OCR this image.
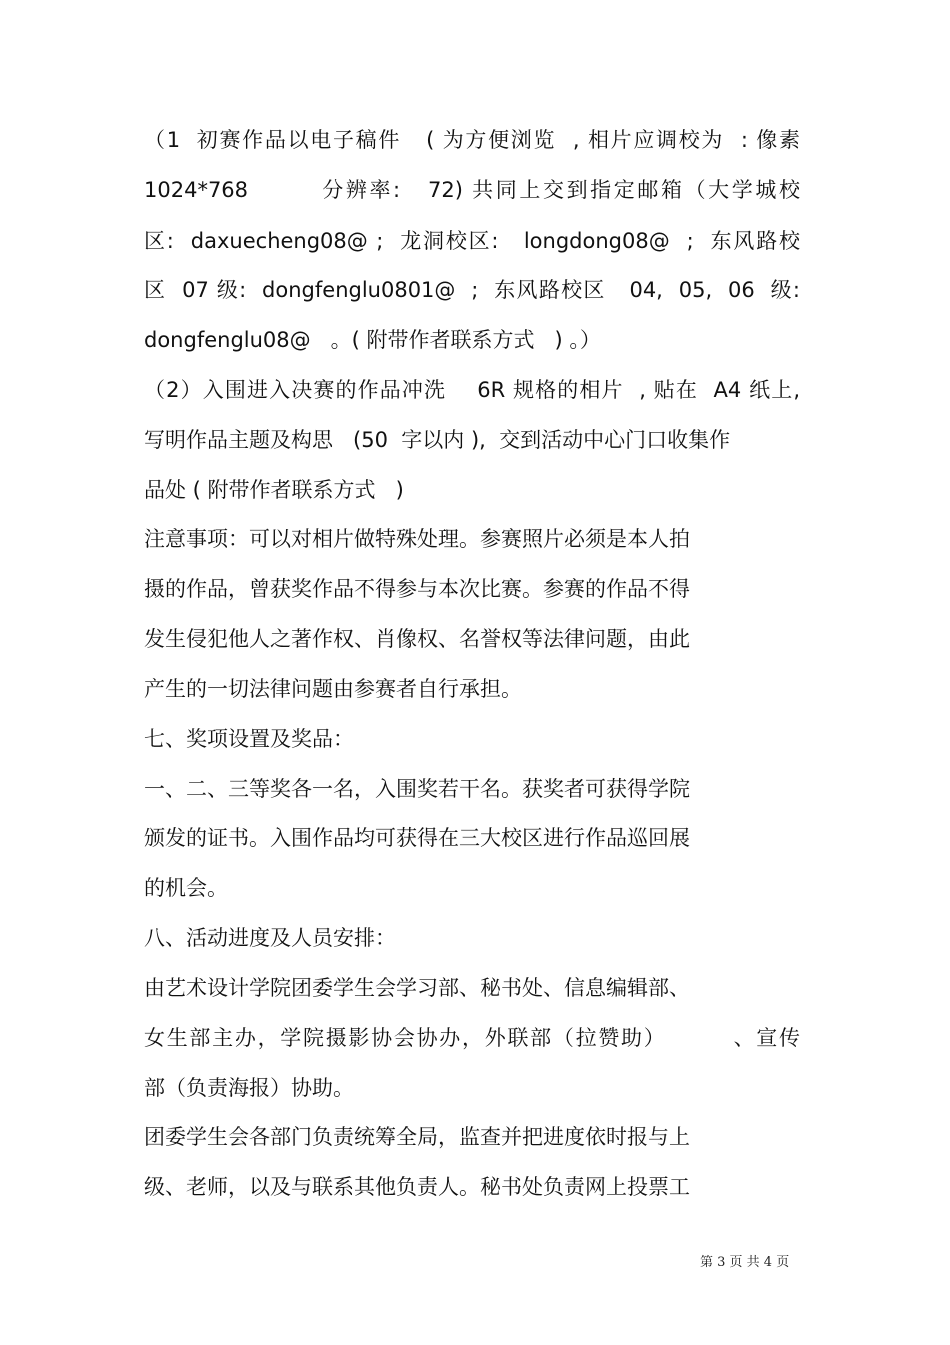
（1  初赛作品以电子稿件   ( 为方便浏览  , 相片应调校为  : 像素
1024*768        分辨率:   72) 共同上交到指定邮箱（大学城校
区:  daxuecheng08@ ;  龙洞校区:   longdong08@  ;  东风路校
区  07 级:  dongfenglu0801@  ;  东风路校区   04,  05,  06  级:
dongfenglu08@   。( 附带作者联系方式   ) 。）
（2）入围进入决赛的作品冲洗    6R 规格的相片  , 贴在  A4 纸上,
写明作品主题及构思   (50  字以内 ),  交到活动中心门口收集作
品处 ( 附带作者联系方式   )
注意事项：可以对相片做特殊处理。参赛照片必须是本人拍
摄的作品，曾获奖作品不得参与本次比赛。参赛的作品不得
发生侵犯他人之著作权、肖像权、名誉权等法律问题，由此
产生的一切法律问题由参赛者自行承担。
七、奖项设置及奖品：
一、二、三等奖各一名，入围奖若干名。获奖者可获得学院
颁发的证书。入围作品均可获得在三大校区进行作品巡回展
的机会。
八、活动进度及人员安排：
由艺术设计学院团委学生会学习部、秘书处、信息编辑部、
女生部主办，学院摄影协会协办，外联部（拉赞助）        、宣传
部（负责海报）协助。
团委学生会各部门负责统筹全局，监查并把进度依时报与上
级、老师，以及与联系其他负责人。秘书处负责网上投票工
第 3 页 共 4 页
